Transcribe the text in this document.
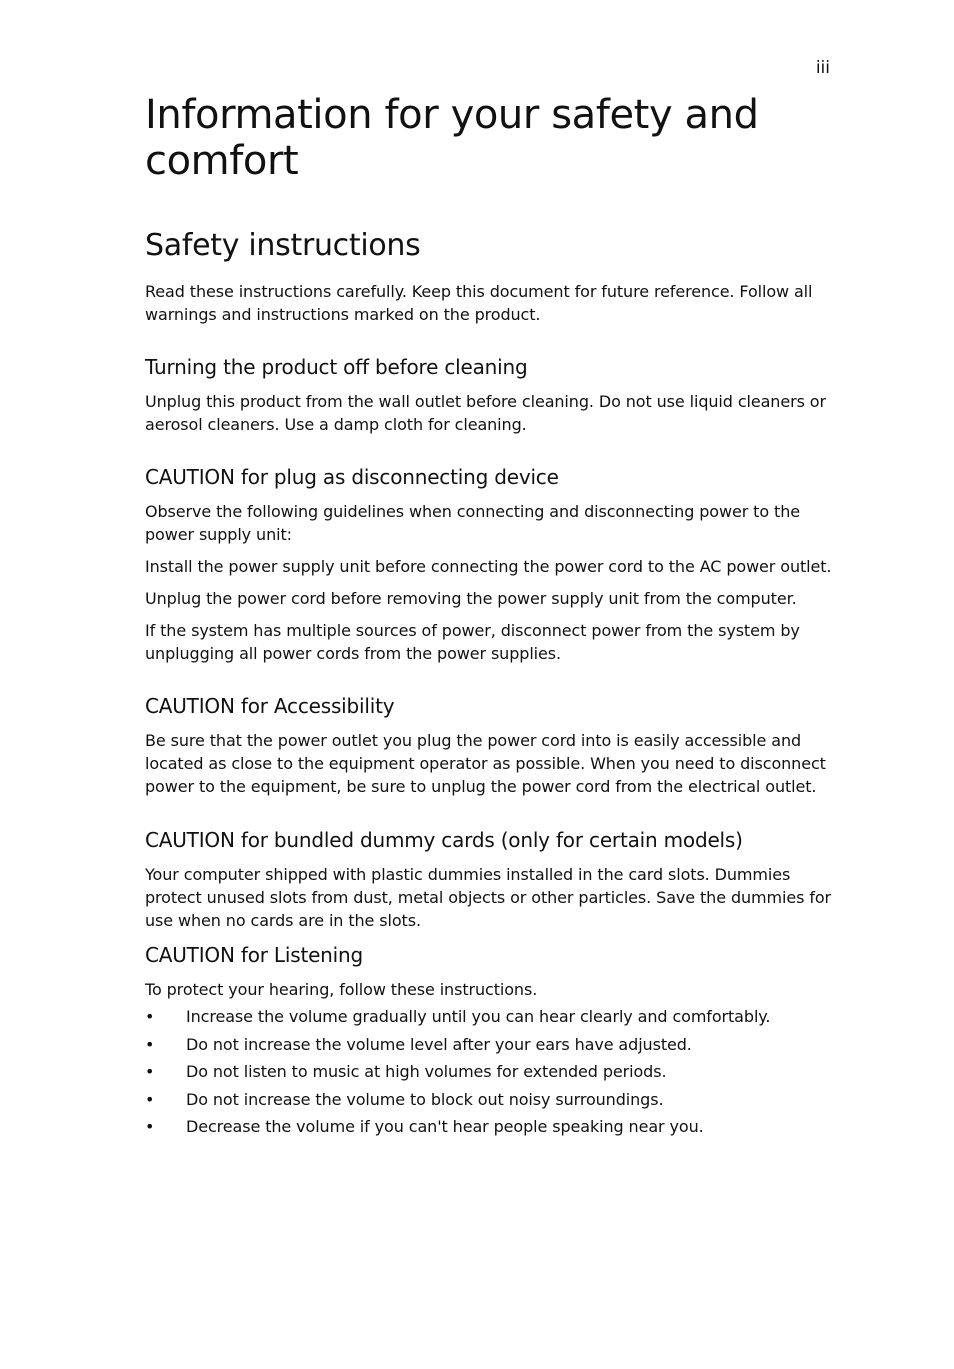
iii
Information for your safety and comfort
Safety instructions

Read these instructions carefully. Keep this document for future reference. Follow all warnings and instructions marked on the product.

Turning the product off before cleaning

Unplug this product from the wall outlet before cleaning. Do not use liquid cleaners or aerosol cleaners. Use a damp cloth for cleaning.

CAUTION for plug as disconnecting device

Observe the following guidelines when connecting and disconnecting power to the power supply unit:

Install the power supply unit before connecting the power cord to the AC power outlet.

Unplug the power cord before removing the power supply unit from the computer.

If the system has multiple sources of power, disconnect power from the system by unplugging all power cords from the power supplies.

CAUTION for Accessibility

Be sure that the power outlet you plug the power cord into is easily accessible and located as close to the equipment operator as possible. When you need to disconnect power to the equipment, be sure to unplug the power cord from the electrical outlet.

CAUTION for bundled dummy cards (only for certain models)

Your computer shipped with plastic dummies installed in the card slots. Dummies protect unused slots from dust, metal objects or other particles. Save the dummies for use when no cards are in the slots.

CAUTION for Listening

To protect your hearing, follow these instructions.

• Increase the volume gradually until you can hear clearly and comfortably.
• Do not increase the volume level after your ears have adjusted.
• Do not listen to music at high volumes for extended periods.
• Do not increase the volume to block out noisy surroundings.
• Decrease the volume if you can't hear people speaking near you.
